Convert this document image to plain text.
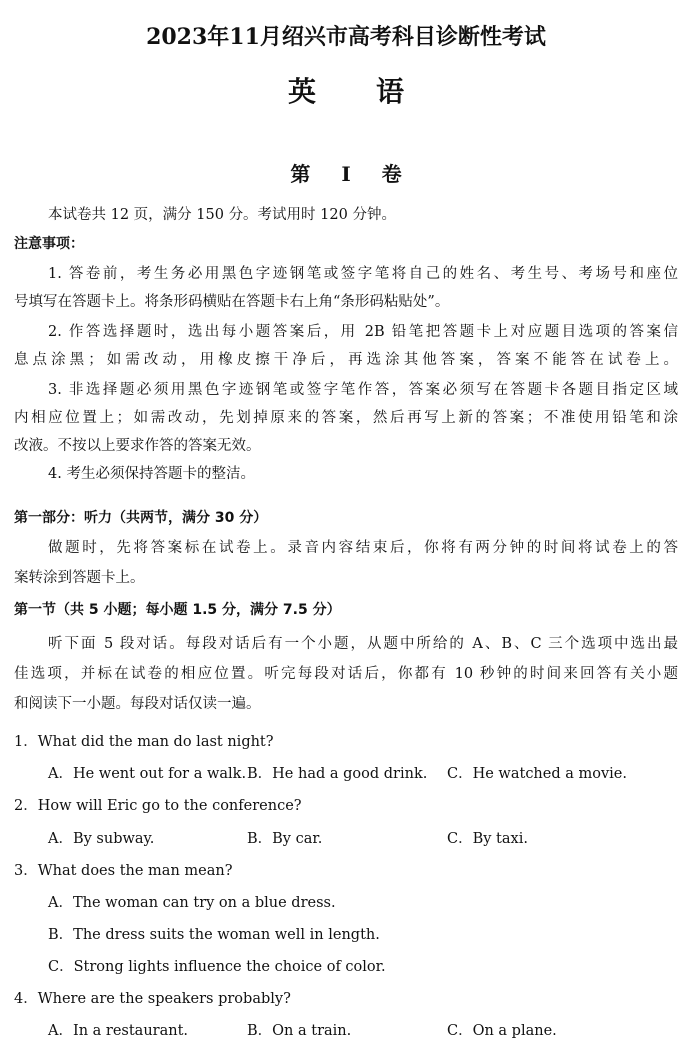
2023年11月绍兴市高考科目诊断性考试
英语
第 I 卷
本试卷共 12 页，满分 150 分。考试用时 120 分钟。
注意事项：
1. 答卷前，考生务必用黑色字迹钢笔或签字笔将自己的姓名、考生号、考场号和座位
号填写在答题卡上。将条形码横贴在答题卡右上角“条形码粘贴处”。
2. 作答选择题时，选出每小题答案后，用 2B 铅笔把答题卡上对应题目选项的答案信
息点涂黑；如需改动，用橡皮擦干净后，再选涂其他答案，答案不能答在试卷上。
3. 非选择题必须用黑色字迹钢笔或签字笔作答，答案必须写在答题卡各题目指定区域
内相应位置上；如需改动，先划掉原来的答案，然后再写上新的答案；不准使用铅笔和涂
改液。不按以上要求作答的答案无效。
4. 考生必须保持答题卡的整洁。
第一部分：听力（共两节，满分 30 分）
做题时，先将答案标在试卷上。录音内容结束后，你将有两分钟的时间将试卷上的答
案转涂到答题卡上。
第一节（共 5 小题；每小题 1.5 分，满分 7.5 分）
听下面 5 段对话。每段对话后有一个小题，从题中所给的 A、B、C 三个选项中选出最
佳选项，并标在试卷的相应位置。听完每段对话后，你都有 10 秒钟的时间来回答有关小题
和阅读下一小题。每段对话仅读一遍。
1．What did the man do last night?
A．He went out for a walk. B．He had a good drink. C．He watched a movie.
2．How will Eric go to the conference?
A．By subway.	B．By car.	C．By taxi.
3．What does the man mean?
A．The woman can try on a blue dress.
B．The dress suits the woman well in length.
C．Strong lights influence the choice of color.
4．Where are the speakers probably?
A．In a restaurant.	B．On a train.	C．On a plane.
